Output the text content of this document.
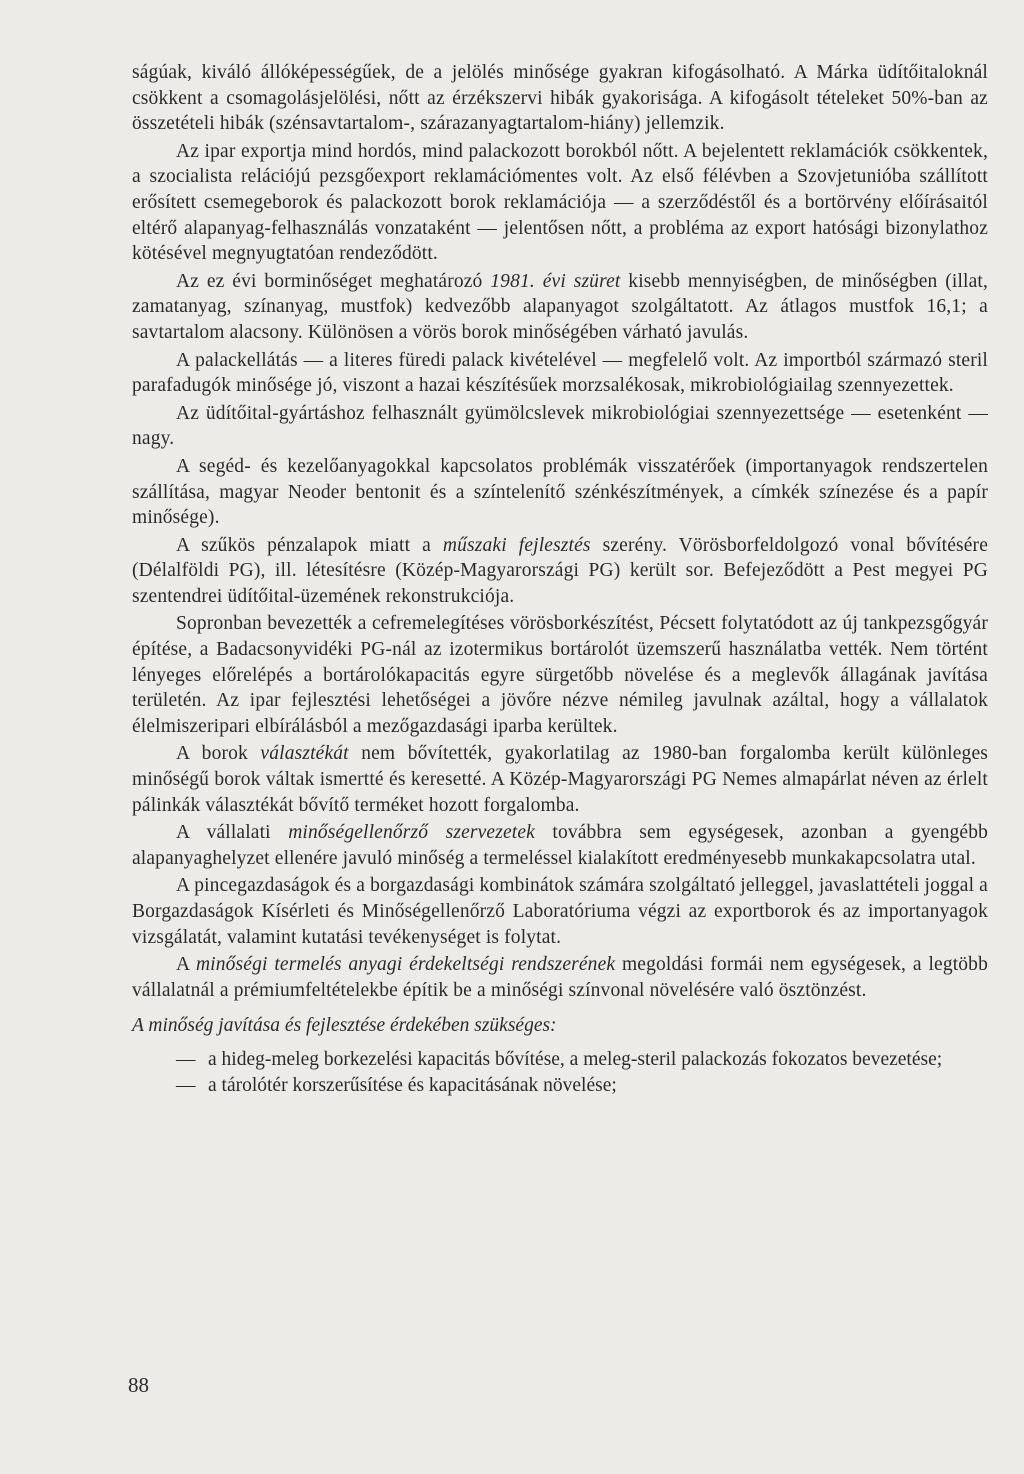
ságúak, kiváló állóképességűek, de a jelölés minősége gyakran kifogásolható. A Márka üdítőitaloknál csökkent a csomagolásjelölési, nőtt az érzékszervi hibák gyakorisága. A kifogásolt tételeket 50%-ban az összetételi hibák (szénsavtartalom-, szárazanyagtartalom-hiány) jellemzik.

Az ipar exportja mind hordós, mind palackozott borokból nőtt. A bejelentett reklamációk csökkentek, a szocialista relációjú pezsgőexport reklamációmentes volt. Az első félévben a Szovjetunióba szállított erősített csemegeborok és palackozott borok reklamációja — a szerződéstől és a bortörvény előírásaitól eltérő alapanyag-felhasználás vonzataként — jelentősen nőtt, a probléma az export hatósági bizonylathoz kötésével megnyugtatóan rendeződött.

Az ez évi borminőséget meghatározó 1981. évi szüret kisebb mennyiségben, de minőségben (illat, zamatanyag, színanyag, mustfok) kedvezőbb alapanyagot szolgáltatott. Az átlagos mustfok 16,1; a savtartalom alacsony. Különösen a vörös borok minőségében várható javulás.

A palackellátás — a literes füredi palack kivételével — megfelelő volt. Az importból származó steril parafadugók minősége jó, viszont a hazai készítésűek morzsalékosak, mikrobiológiailag szennyezettek.

Az üdítőital-gyártáshoz felhasznált gyümölcslevek mikrobiológiai szennyezettsége — esetenként — nagy.

A segéd- és kezelőanyagokkal kapcsolatos problémák visszatérőek (importanyagok rendszertelen szállítása, magyar Neoder bentonit és a színtelenítő szénkészítmények, a címkék színezése és a papír minősége).

A szűkös pénzalapok miatt a műszaki fejlesztés szerény. Vörösborfeldolgozó vonal bővítésére (Délalföldi PG), ill. létesítésre (Közép-Magyarországi PG) került sor. Befejeződött a Pest megyei PG szentendrei üdítőital-üzemének rekonstrukciója.

Sopronban bevezették a cefremelegítéses vörösborkészítést, Pécsett folytatódott az új tankpezsgőgyár építése, a Badacsonyvidéki PG-nál az izotermikus bortárolót üzemszerű használatba vették. Nem történt lényeges előrelépés a bortárolókapacitás egyre sürgetőbb növelése és a meglevők állagának javítása területén. Az ipar fejlesztési lehetőségei a jövőre nézve némileg javulnak azáltal, hogy a vállalatok élelmiszeripari elbírálásból a mezőgazdasági iparba kerültek.

A borok választékát nem bővítették, gyakorlatilag az 1980-ban forgalomba került különleges minőségű borok váltak ismertté és keresetté. A Közép-Magyarországi PG Nemes almapárlat néven az érlelt pálinkák választékát bővítő terméket hozott forgalomba.

A vállalati minőségellenőrző szervezetek továbbra sem egységesek, azonban a gyengébb alapanyaghelyzet ellenére javuló minőség a termeléssel kialakított eredményesebb munkakapcsolatra utal.

A pincegazdaságok és a borgazdasági kombinátok számára szolgáltató jelleggel, javaslattételi joggal a Borgazdaságok Kísérleti és Minőségellenőrző Laboratóriuma végzi az exportborok és az importanyagok vizsgálatát, valamint kutatási tevékenységet is folytat.

A minőségi termelés anyagi érdekeltségi rendszerének megoldási formái nem egységesek, a legtöbb vállalatnál a prémiumfeltételekbe építik be a minőségi színvonal növelésére való ösztönzést.

A minőség javítása és fejlesztése érdekében szükséges:
— a hideg-meleg borkezelési kapacitás bővítése, a meleg-steril palackozás fokozatos bevezetése;
— a tárolótér korszerűsítése és kapacitásának növelése;
88
